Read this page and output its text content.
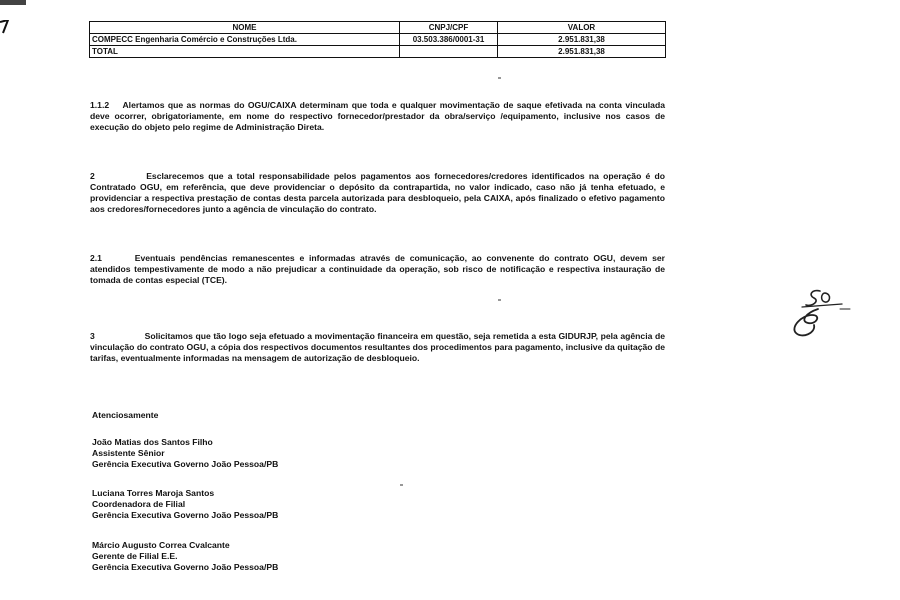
NOME	CNPJ/CPF	VALOR
COMPECC Engenharia Comércio e Construções Ltda.	03.503.386/0001-31	2.951.831,38
TOTAL		2.951.831,38
1.1.2 Alertamos que as normas do OGU/CAIXA determinam que toda e qualquer movimentação de saque efetivada na conta vinculada deve ocorrer, obrigatoriamente, em nome do respectivo fornecedor/prestador da obra/serviço /equipamento, inclusive nos casos de execução do objeto pelo regime de Administração Direta.
2	Esclarecemos que a total responsabilidade pelos pagamentos aos fornecedores/credores identificados na operação é do Contratado OGU, em referência, que deve providenciar o depósito da contrapartida, no valor indicado, caso não já tenha efetuado, e providenciar a respectiva prestação de contas desta parcela autorizada para desbloqueio, pela CAIXA, após finalizado o efetivo pagamento aos credores/fornecedores junto a agência de vinculação do contrato.
2.1	Eventuais pendências remanescentes e informadas através de comunicação, ao convenente do contrato OGU, devem ser atendidos tempestivamente de modo a não prejudicar a continuidade da operação, sob risco de notificação e respectiva instauração de tomada de contas especial (TCE).
3	Solicitamos que tão logo seja efetuado a movimentação financeira em questão, seja remetida a esta GIDURJP, pela agência de vinculação do contrato OGU, a cópia dos respectivos documentos resultantes dos procedimentos para pagamento, inclusive da quitação de tarifas, eventualmente informadas na mensagem de autorização de desbloqueio.
Atenciosamente
João Matias dos Santos Filho
Assistente Sênior
Gerência Executiva Governo João Pessoa/PB
Luciana Torres Maroja Santos
Coordenadora de Filial
Gerência Executiva Governo João Pessoa/PB
Márcio Augusto Correa Cvalcante
Gerente de Filial E.E.
Gerência Executiva Governo João Pessoa/PB
